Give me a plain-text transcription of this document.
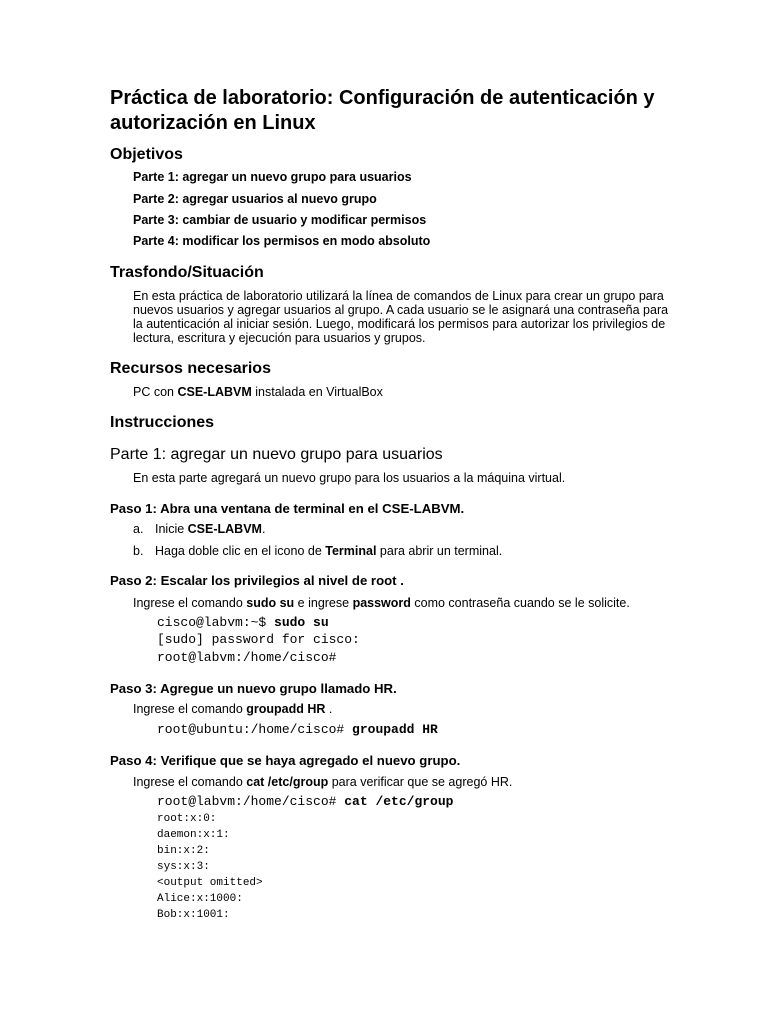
Práctica de laboratorio: Configuración de autenticación y autorización en Linux
Objetivos
Parte 1: agregar un nuevo grupo para usuarios
Parte 2: agregar usuarios al nuevo grupo
Parte 3: cambiar de usuario y modificar permisos
Parte 4: modificar los permisos en modo absoluto
Trasfondo/Situación
En esta práctica de laboratorio utilizará la línea de comandos de Linux para crear un grupo para nuevos usuarios y agregar usuarios al grupo. A cada usuario se le asignará una contraseña para la autenticación al iniciar sesión. Luego, modificará los permisos para autorizar los privilegios de lectura, escritura y ejecución para usuarios y grupos.
Recursos necesarios
PC con CSE-LABVM instalada en VirtualBox
Instrucciones
Parte 1: agregar un nuevo grupo para usuarios
En esta parte agregará un nuevo grupo para los usuarios a la máquina virtual.
Paso 1: Abra una ventana de terminal en el CSE-LABVM.
a. Inicie CSE-LABVM.
b. Haga doble clic en el icono de Terminal para abrir un terminal.
Paso 2: Escalar los privilegios al nivel de root .
Ingrese el comando sudo su e ingrese password como contraseña cuando se le solicite.
cisco@labvm:~$ sudo su
[sudo] password for cisco:
root@labvm:/home/cisco#
Paso 3: Agregue un nuevo grupo llamado HR.
Ingrese el comando groupadd HR .
root@ubuntu:/home/cisco# groupadd HR
Paso 4: Verifique que se haya agregado el nuevo grupo.
Ingrese el comando cat /etc/group para verificar que se agregó HR.
root@labvm:/home/cisco# cat /etc/group
root:x:0:
daemon:x:1:
bin:x:2:
sys:x:3:
<output omitted>
Alice:x:1000:
Bob:x:1001:
